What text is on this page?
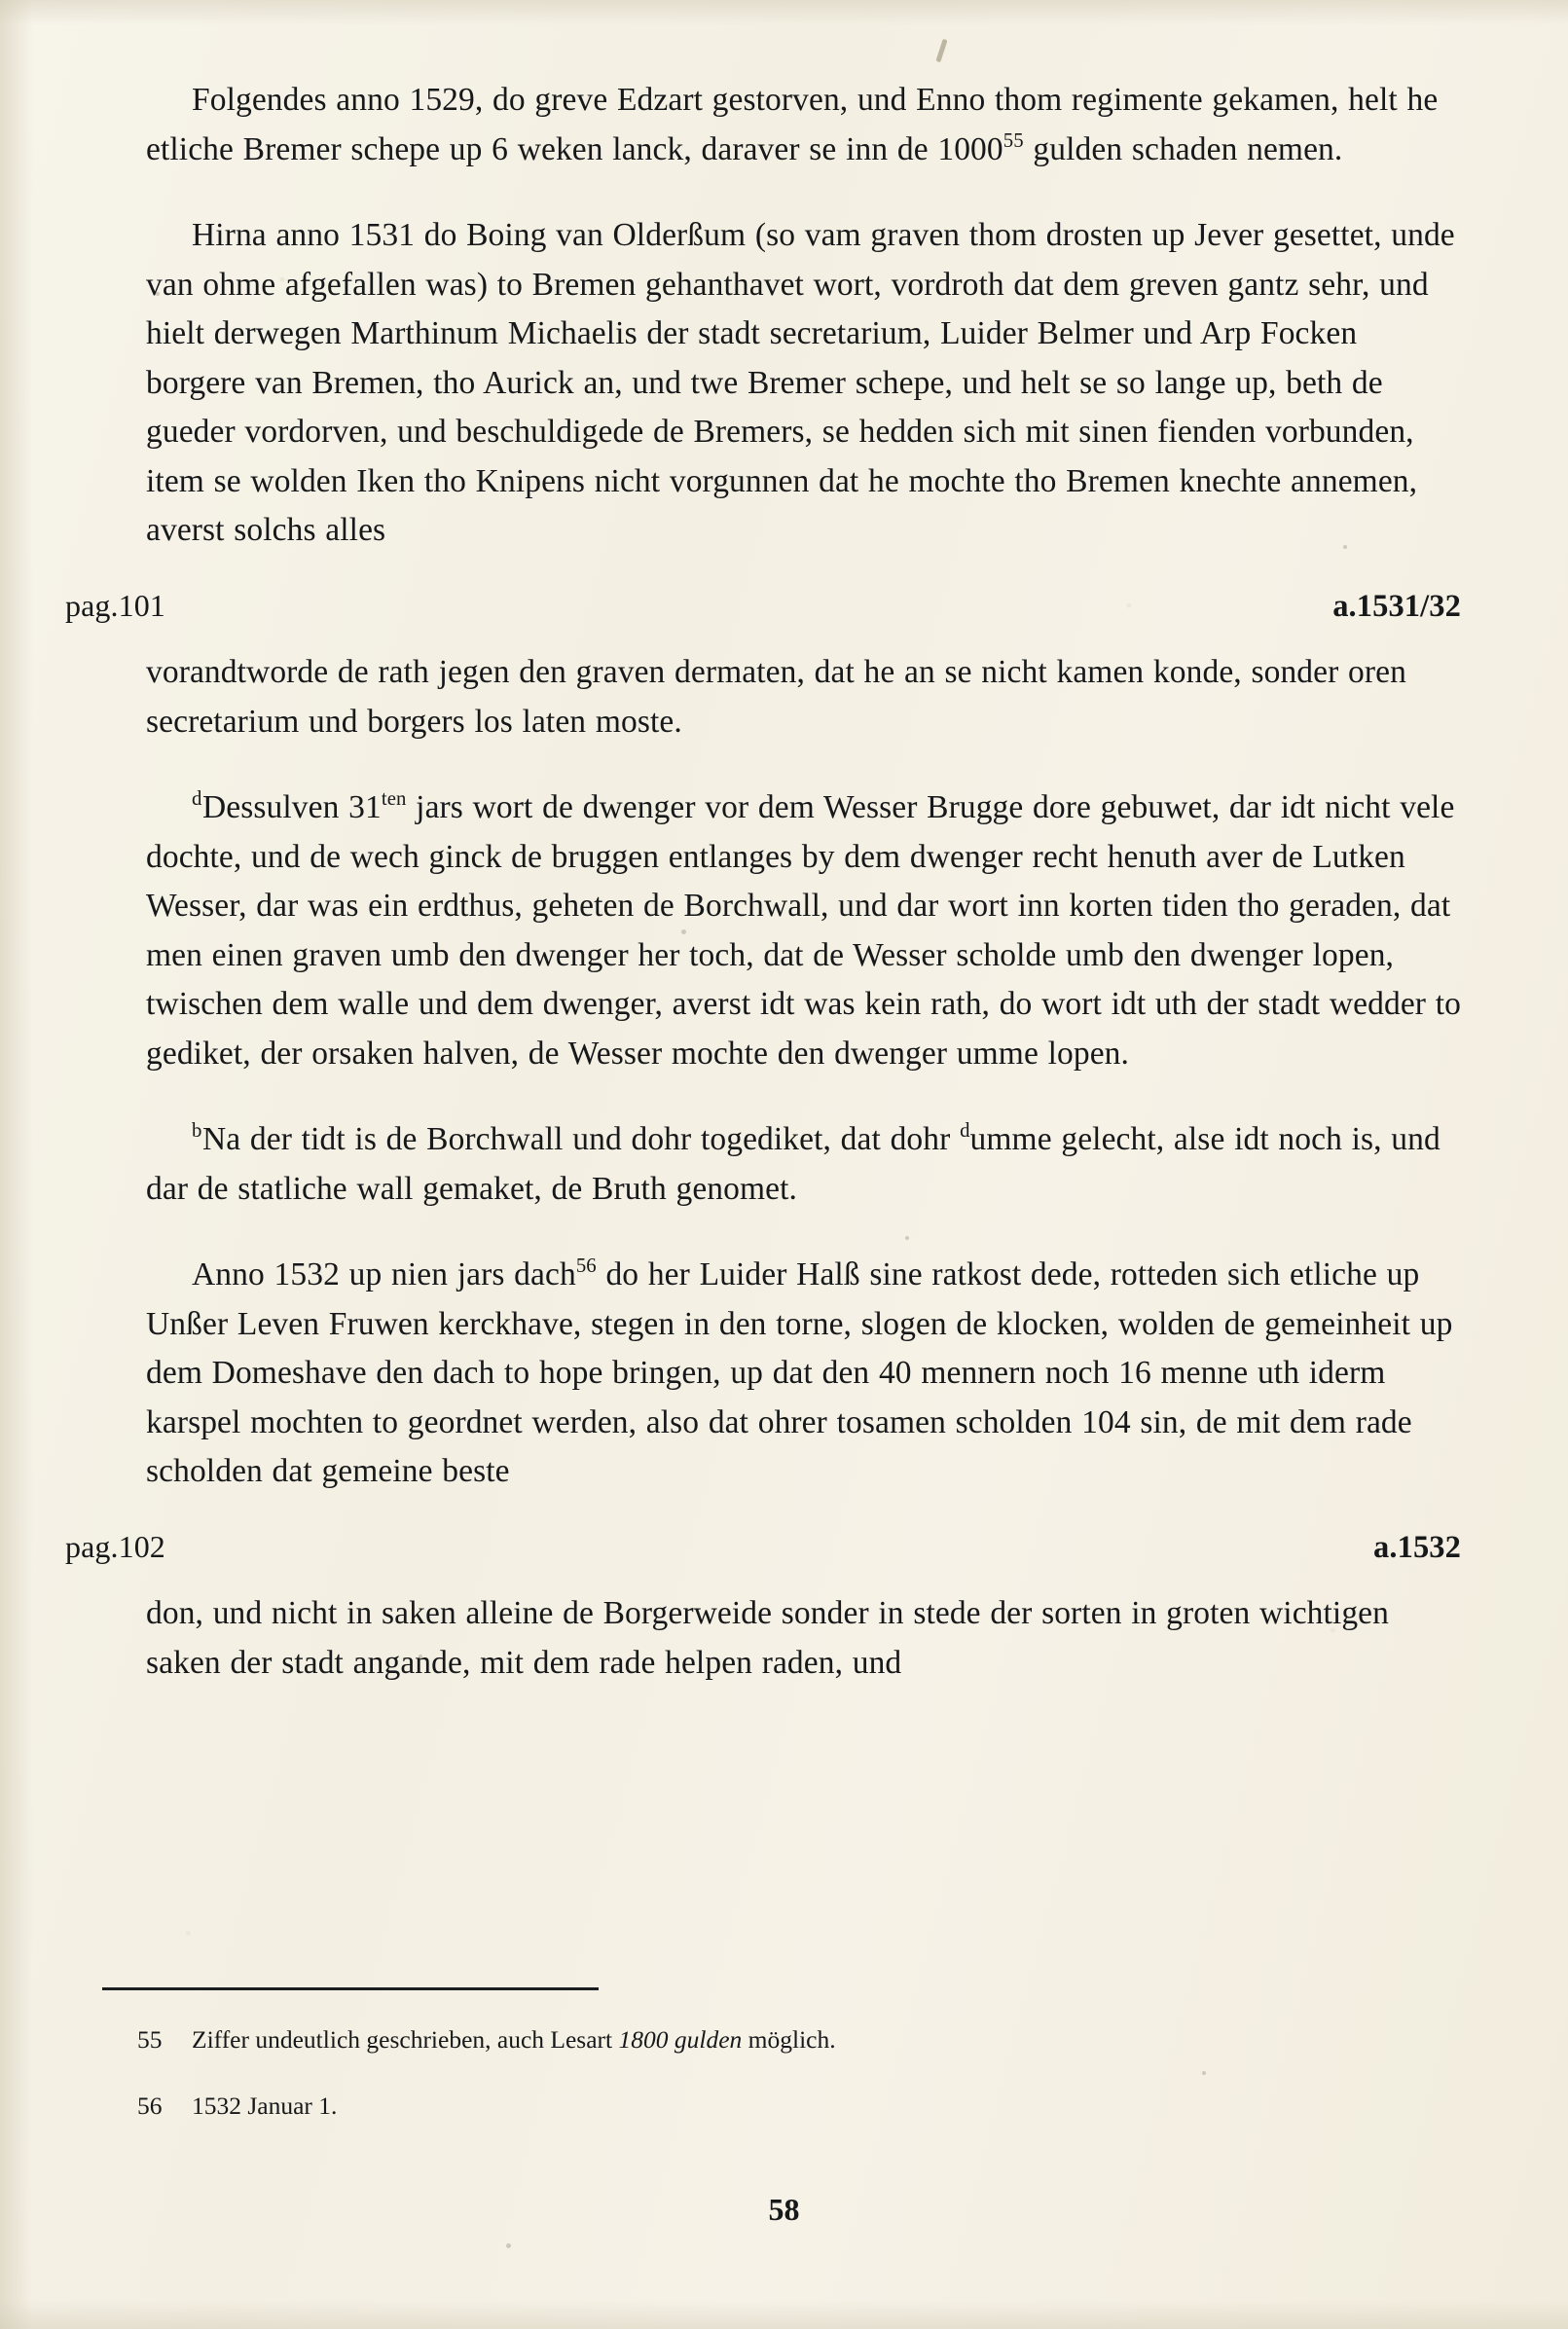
Folgendes anno 1529, do greve Edzart gestorven, und Enno thom regimente gekamen, helt he etliche Bremer schepe up 6 weken lanck, daraver se inn de 1000$^{55}$ gulden schaden nemen.

Hirna anno 1531 do Boing van Olderßum (so vam graven thom drosten up Jever gesettet, unde van ohme afgefallen was) to Bremen gehanthavet wort, vordroth dat dem greven gantz sehr, und hielt derwegen Marthinum Michaelis der stadt secretarium, Luider Belmer und Arp Focken borgere van Bremen, tho Aurick an, und twe Bremer schepe, und helt se so lange up, beth de gueder vordorven, und beschuldigede de Bremers, se hedden sich mit sinen fienden vorbunden, item se wolden Iken tho Knipens nicht vorgunnen dat he mochte tho Bremen knechte annemen, averst solchs alles

pag.101	a.1531/32

vorandtworde de rath jegen den graven dermaten, dat he an se nicht kamen konde, sonder oren secretarium und borgers los laten moste.

$^d$Dessulven $31^{ten}$ jars wort de dwenger vor dem Wesser Brugge dore gebuwet, dar idt nicht vele dochte, und de wech ginck de bruggen entlanges by dem dwenger recht henuth aver de Lutken Wesser, dar was ein erdthus, geheten de Borchwall, und dar wort inn korten tiden tho geraden, dat men einen graven umb den dwenger her toch, dat de Wesser scholde umb den dwenger lopen, twischen dem walle und dem dwenger, averst idt was kein rath, do wort idt uth der stadt wedder to gediket, der orsaken halven, de Wesser mochte den dwenger umme lopen.

$^b$Na der tidt is de Borchwall und dohr togediket, dat dohr $^d$umme gelecht, alse idt noch is, und dar de statliche wall gemaket, de Bruth genomet.

Anno 1532 up nien jars dach$^{56}$ do her Luider Halß sine ratkost dede, rotteden sich etliche up Unßer Leven Fruwen kerckhave, stegen in den torne, slogen de klocken, wolden de gemeinheit up dem Domeshave den dach to hope bringen, up dat den 40 mennern noch 16 menne uth iderm karspel mochten to geordnet werden, also dat ohrer tosamen scholden 104 sin, de mit dem rade scholden dat gemeine beste

pag.102	a.1532

don, und nicht in saken alleine de Borgerweide sonder in stede der sorten in groten wichtigen saken der stadt angande, mit dem rade helpen raden, und

55	Ziffer undeutlich geschrieben, auch Lesart 1800 gulden möglich.
56	1532 Januar 1.
58
